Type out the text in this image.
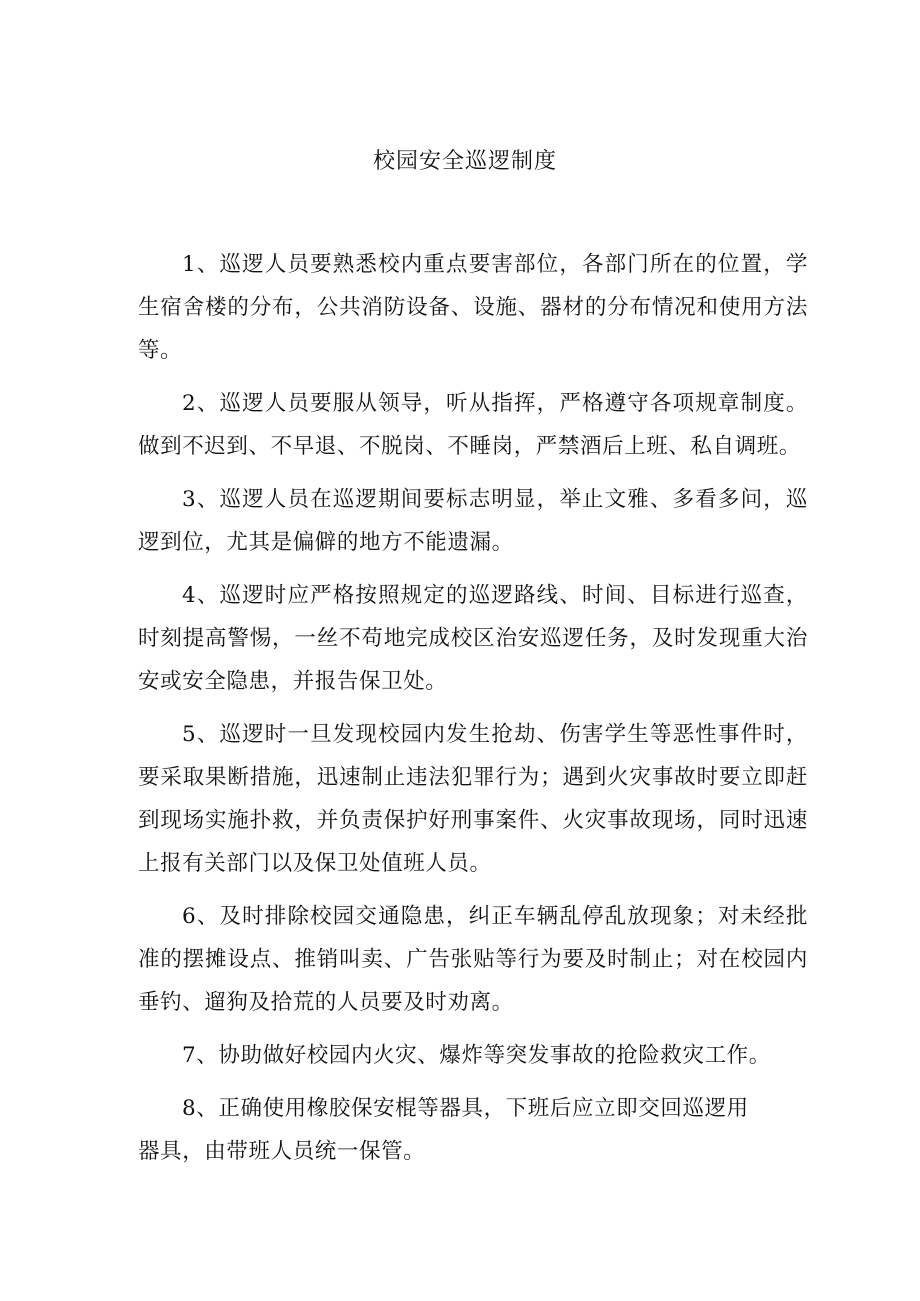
校园安全巡逻制度

1、巡逻人员要熟悉校内重点要害部位，各部门所在的位置，学生宿舍楼的分布，公共消防设备、设施、器材的分布情况和使用方法等。

2、巡逻人员要服从领导，听从指挥，严格遵守各项规章制度。做到不迟到、不早退、不脱岗、不睡岗，严禁酒后上班、私自调班。

3、巡逻人员在巡逻期间要标志明显，举止文雅、多看多问，巡逻到位，尤其是偏僻的地方不能遗漏。

4、巡逻时应严格按照规定的巡逻路线、时间、目标进行巡查，时刻提高警惕，一丝不苟地完成校区治安巡逻任务，及时发现重大治安或安全隐患，并报告保卫处。

5、巡逻时一旦发现校园内发生抢劫、伤害学生等恶性事件时，要采取果断措施，迅速制止违法犯罪行为；遇到火灾事故时要立即赶到现场实施扑救，并负责保护好刑事案件、火灾事故现场，同时迅速上报有关部门以及保卫处值班人员。

6、及时排除校园交通隐患，纠正车辆乱停乱放现象；对未经批准的摆摊设点、推销叫卖、广告张贴等行为要及时制止；对在校园内垂钓、遛狗及拾荒的人员要及时劝离。

7、协助做好校园内火灾、爆炸等突发事故的抢险救灾工作。

8、正确使用橡胶保安棍等器具，下班后应立即交回巡逻用器具，由带班人员统一保管。
